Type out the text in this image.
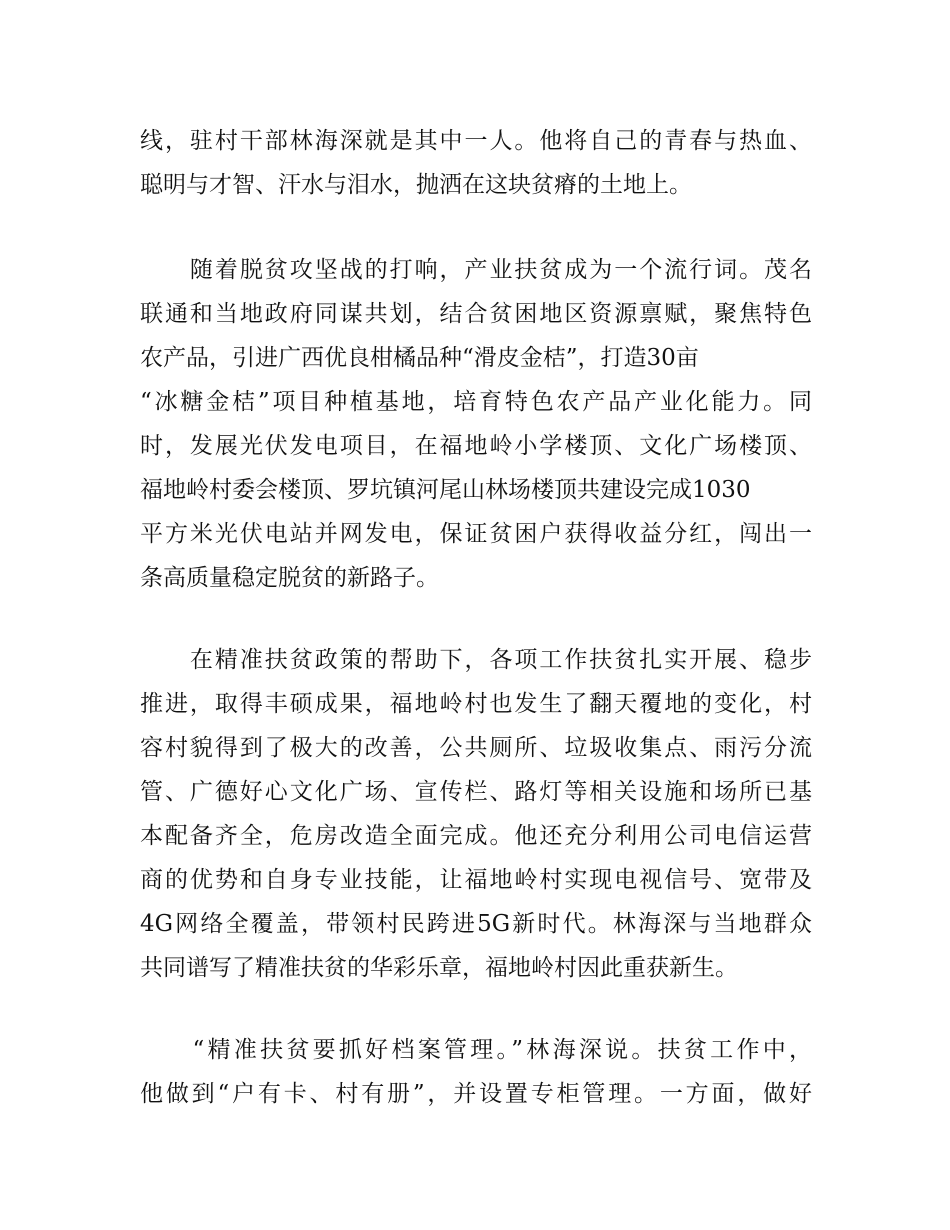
线，驻村干部林海深就是其中一人。他将自己的青春与热血、
聪明与才智、汗水与泪水，抛洒在这块贫瘠的土地上。
　　随着脱贫攻坚战的打响，产业扶贫成为一个流行词。茂名
联通和当地政府同谋共划，结合贫困地区资源禀赋，聚焦特色
农产品，引进广西优良柑橘品种“滑皮金桔”，打造30亩
“冰糖金桔”项目种植基地，培育特色农产品产业化能力。同
时，发展光伏发电项目，在福地岭小学楼顶、文化广场楼顶、
福地岭村委会楼顶、罗坑镇河尾山林场楼顶共建设完成1030
平方米光伏电站并网发电，保证贫困户获得收益分红，闯出一
条高质量稳定脱贫的新路子。
　　在精准扶贫政策的帮助下，各项工作扶贫扎实开展、稳步
推进，取得丰硕成果，福地岭村也发生了翻天覆地的变化，村
容村貌得到了极大的改善，公共厕所、垃圾收集点、雨污分流
管、广德好心文化广场、宣传栏、路灯等相关设施和场所已基
本配备齐全，危房改造全面完成。他还充分利用公司电信运营
商的优势和自身专业技能，让福地岭村实现电视信号、宽带及
4G网络全覆盖，带领村民跨进5G新时代。林海深与当地群众
共同谱写了精准扶贫的华彩乐章，福地岭村因此重获新生。
　　“精准扶贫要抓好档案管理。”林海深说。扶贫工作中，
他做到“户有卡、村有册”，并设置专柜管理。一方面，做好
